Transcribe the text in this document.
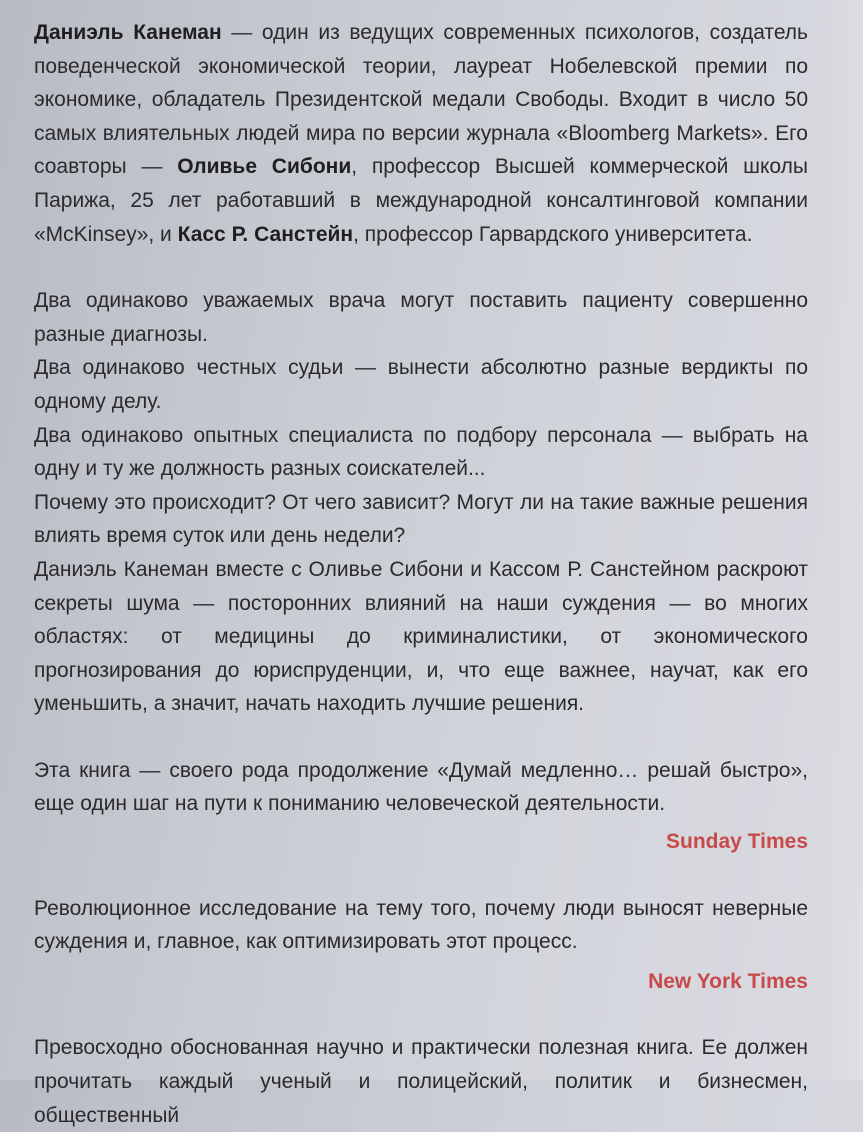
Даниэль Канеман — один из ведущих современных психологов, создатель поведенческой экономической теории, лауреат Нобелевской премии по экономике, обладатель Президентской медали Свободы. Входит в число 50 самых влиятельных людей мира по версии журнала «Bloomberg Markets». Его соавторы — Оливье Сибони, профессор Высшей коммерческой школы Парижа, 25 лет работавший в международной консалтинговой компании «McKinsey», и Касс Р. Санстейн, профессор Гарвардского университета.

Два одинаково уважаемых врача могут поставить пациенту совершенно разные диагнозы.

Два одинаково честных судьи — вынести абсолютно разные вердикты по одному делу.

Два одинаково опытных специалиста по подбору персонала — выбрать на одну и ту же должность разных соискателей...

Почему это происходит? От чего зависит? Могут ли на такие важные решения влиять время суток или день недели?

Даниэль Канеман вместе с Оливье Сибони и Кассом Р. Санстейном раскроют секреты шума — посторонних влияний на наши суждения — во многих областях: от медицины до криминалистики, от экономического прогнозирования до юриспруденции, и, что еще важнее, научат, как его уменьшить, а значит, начать находить лучшие решения.

Эта книга — своего рода продолжение «Думай медленно… решай быстро», еще один шаг на пути к пониманию человеческой деятельности.

Sunday Times

Революционное исследование на тему того, почему люди выносят неверные суждения и, главное, как оптимизировать этот процесс.

New York Times

Превосходно обоснованная научно и практически полезная книга. Ее должен прочитать каждый ученый и полицейский, политик и бизнесмен, общественный
